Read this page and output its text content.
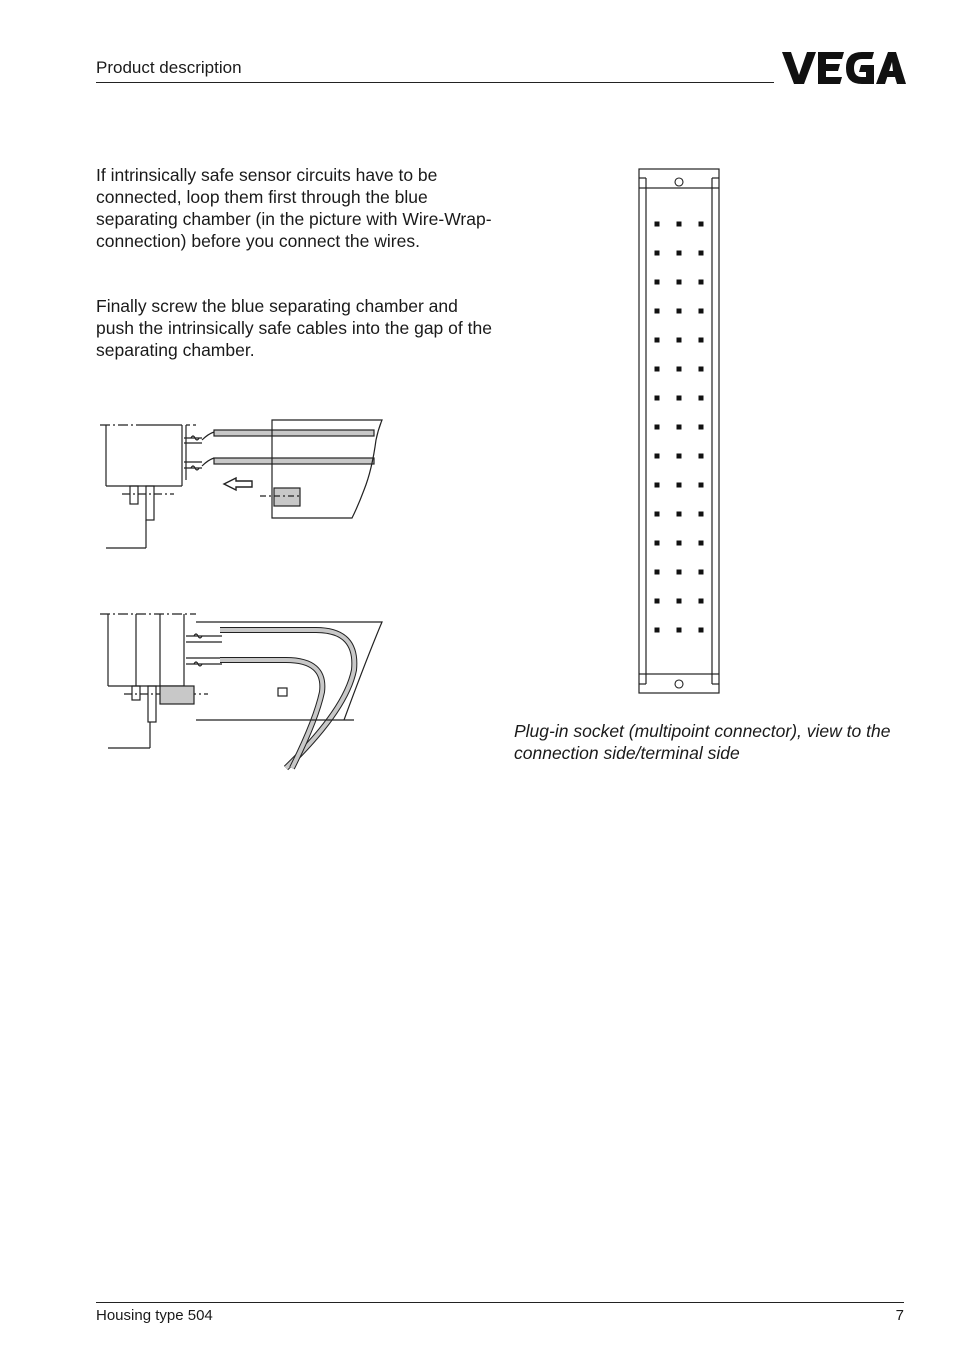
Product description
If intrinsically safe sensor circuits have to be connected, loop them first through the blue separating chamber (in the picture with Wire-Wrap-connection) before you connect the wires.
Finally screw the blue separating chamber and push the intrinsically safe cables into the gap of the separating chamber.
Plug-in socket (multipoint connector), view to the connection side/terminal side
Housing type 504	7
